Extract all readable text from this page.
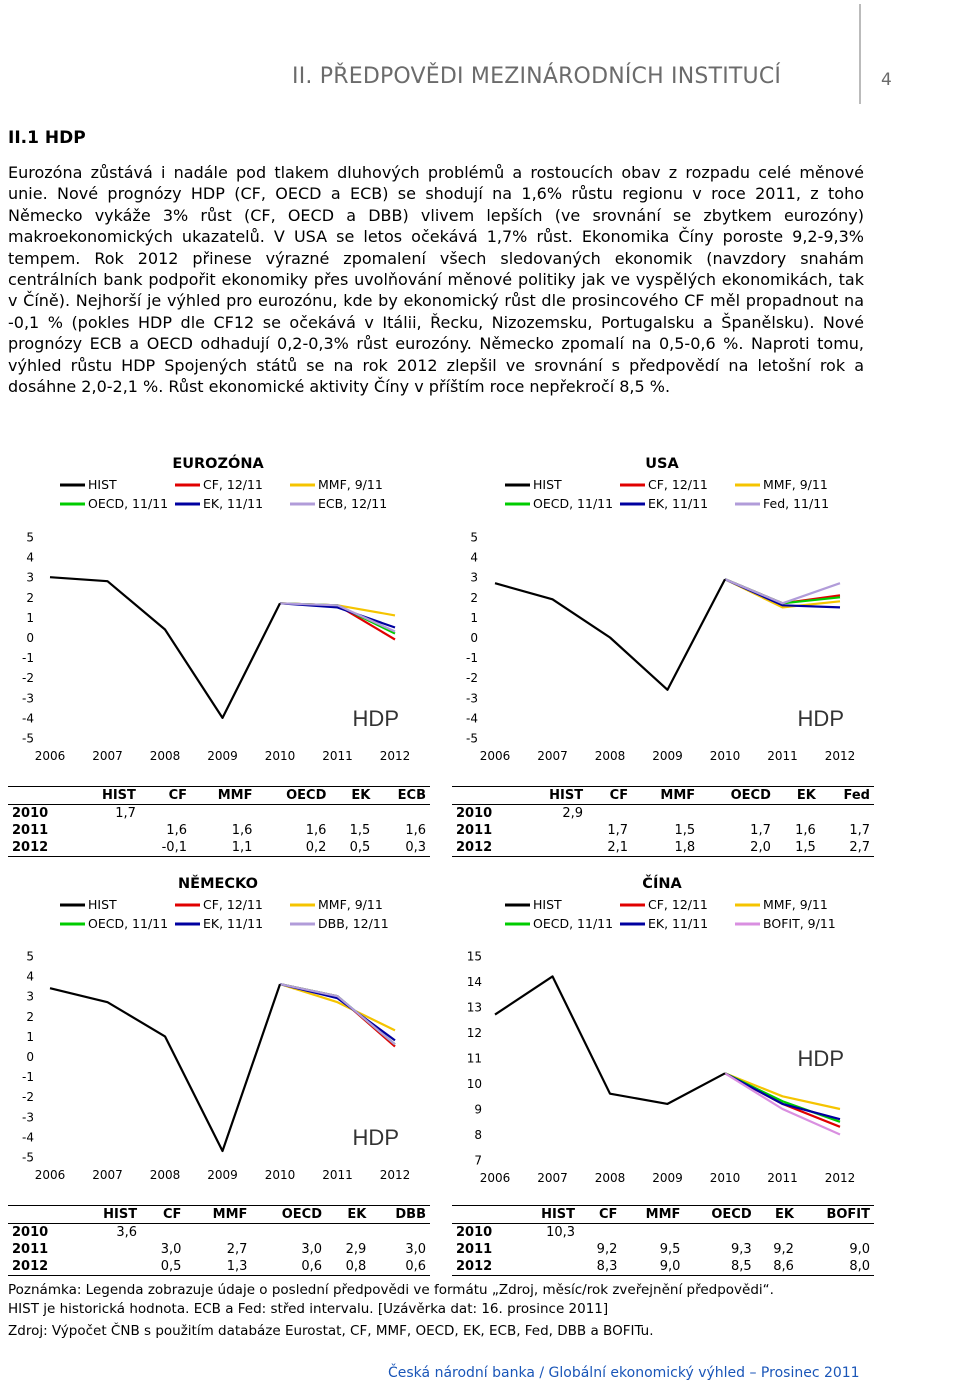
II. PŘEDPOVĚDI MEZINÁRODNÍCH INSTITUCÍ	4
II.1 HDP
Eurozóna zůstává i nadále pod tlakem dluhových problémů a rostoucích obav z rozpadu celé měnové unie. Nové prognózy HDP (CF, OECD a ECB) se shodují na 1,6% růstu regionu v roce 2011, z toho Německo vykáže 3% růst (CF, OECD a DBB) vlivem lepších (ve srovnání se zbytkem eurozóny) makroekonomických ukazatelů. V USA se letos očekává 1,7% růst. Ekonomika Číny poroste 9,2-9,3% tempem. Rok 2012 přinese výrazné zpomalení všech sledovaných ekonomik (navzdory snahám centrálních bank podpořit ekonomiky přes uvolňování měnové politiky jak ve vyspělých ekonomikách, tak v Číně). Nejhorší je výhled pro eurozónu, kde by ekonomický růst dle prosincového CF měl propadnout na -0,1 % (pokles HDP dle CF12 se očekává v Itálii, Řecku, Nizozemsku, Portugalsku a Španělsku). Nové prognózy ECB a OECD odhadují 0,2-0,3% růst eurozóny. Německo zpomalí na 0,5-0,6 %. Naproti tomu, výhled růstu HDP Spojených států se na rok 2012 zlepšil ve srovnání s předpovědí na letošní rok a dosáhne 2,0-2,1 %. Růst ekonomické aktivity Číny v příštím roce nepřekročí 8,5 %.
EUROZÓNA
HIST	CF, 12/11	MMF, 9/11
OECD, 11/11	EK, 11/11	ECB, 12/11
5
4
3
2
1
0
-1
-2
-3
-4
-5
2006 2007 2008 2009 2010 2011 2012
HDP
USA
HIST	CF, 12/11	MMF, 9/11
OECD, 11/11	EK, 11/11	Fed, 11/11
5
4
3
2
1
0
-1
-2
-3
-4
-5
2006 2007 2008 2009 2010 2011 2012
HDP
NĚMECKO
HIST	CF, 12/11	MMF, 9/11
OECD, 11/11	EK, 11/11	DBB, 12/11
5
4
3
2
1
0
-1
-2
-3
-4
-5
2006 2007 2008 2009 2010 2011 2012
HDP
ČÍNA
HIST	CF, 12/11	MMF, 9/11
OECD, 11/11	EK, 11/11	BOFIT, 9/11
15
14
13
12
11
10
9
8
7
2006 2007 2008 2009 2010 2011 2012
HDP
	HIST	CF	MMF	OECD	EK	ECB
2010	1,7					
2011		1,6	1,6	1,6	1,5	1,6
2012		-0,1	1,1	0,2	0,5	0,3
	HIST	CF	MMF	OECD	EK	Fed
2010	2,9					
2011		1,7	1,5	1,7	1,6	1,7
2012		2,1	1,8	2,0	1,5	2,7
	HIST	CF	MMF	OECD	EK	DBB
2010	3,6					
2011		3,0	2,7	3,0	2,9	3,0
2012		0,5	1,3	0,6	0,8	0,6
	HIST	CF	MMF	OECD	EK	BOFIT
2010	10,3					
2011		9,2	9,5	9,3	9,2	9,0
2012		8,3	9,0	8,5	8,6	8,0
Poznámka: Legenda zobrazuje údaje o poslední předpovědi ve formátu „Zdroj, měsíc/rok zveřejnění předpovědi“.
HIST je historická hodnota. ECB a Fed: střed intervalu. [Uzávěrka dat: 16. prosince 2011]
Zdroj: Výpočet ČNB s použitím databáze Eurostat, CF, MMF, OECD, EK, ECB, Fed, DBB a BOFITu.
Česká národní banka / Globální ekonomický výhled – Prosinec 2011
